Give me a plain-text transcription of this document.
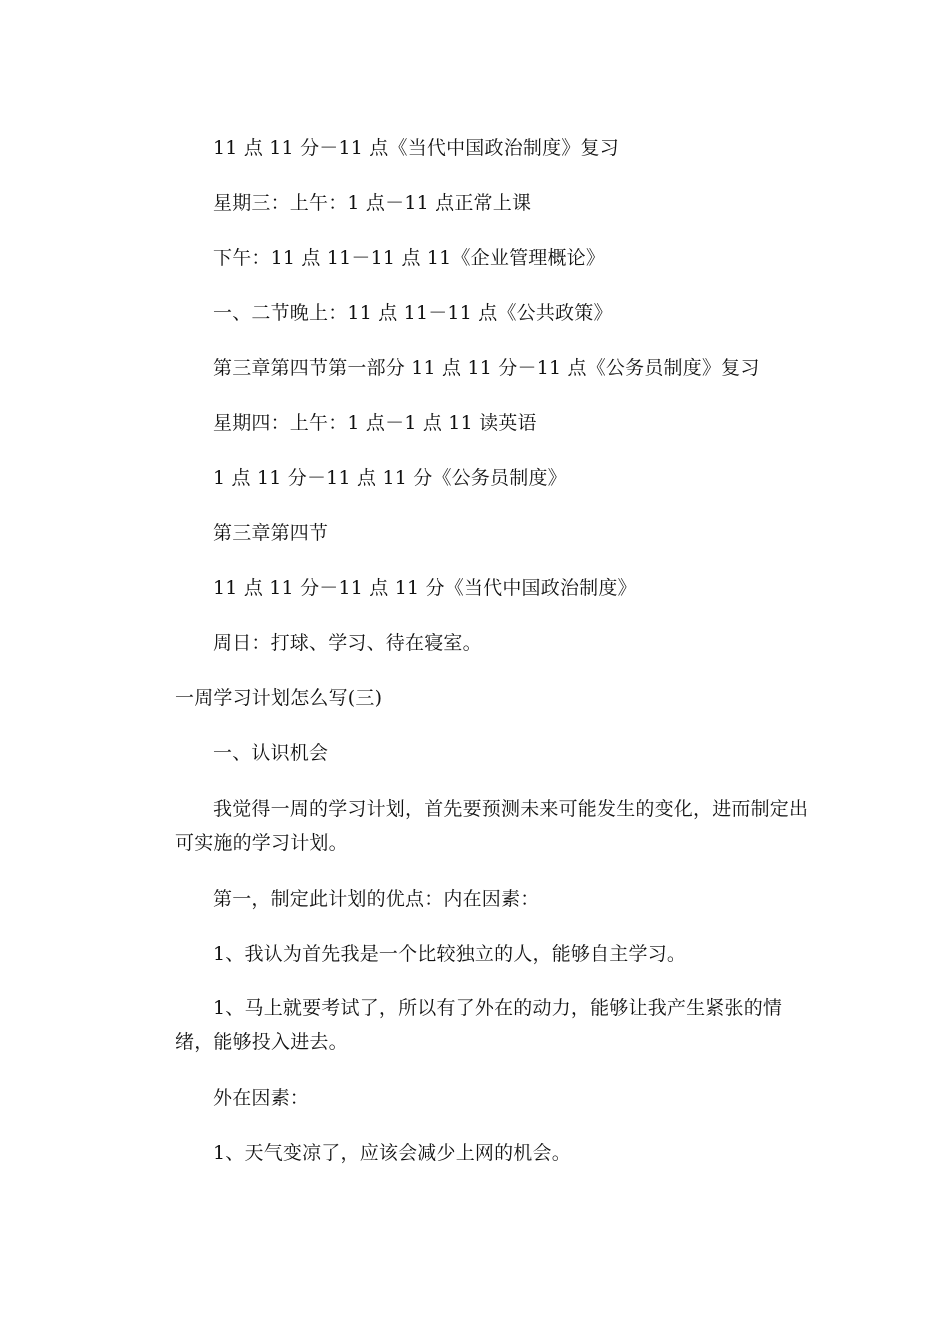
11 点 11 分－11 点《当代中国政治制度》复习
星期三：上午：1 点－11 点正常上课
下午：11 点 11－11 点 11《企业管理概论》
一、二节晚上：11 点 11－11 点《公共政策》
第三章第四节第一部分 11 点 11 分－11 点《公务员制度》复习
星期四：上午：1 点－1 点 11 读英语
1 点 11 分－11 点 11 分《公务员制度》
第三章第四节
11 点 11 分－11 点 11 分《当代中国政治制度》
周日：打球、学习、待在寝室。
一周学习计划怎么写(三)
一、认识机会
我觉得一周的学习计划，首先要预测未来可能发生的变化，进而制定出可实施的学习计划。
第一，制定此计划的优点：内在因素：
1、我认为首先我是一个比较独立的人，能够自主学习。
1、马上就要考试了，所以有了外在的动力，能够让我产生紧张的情绪，能够投入进去。
外在因素：
1、天气变凉了，应该会减少上网的机会。
